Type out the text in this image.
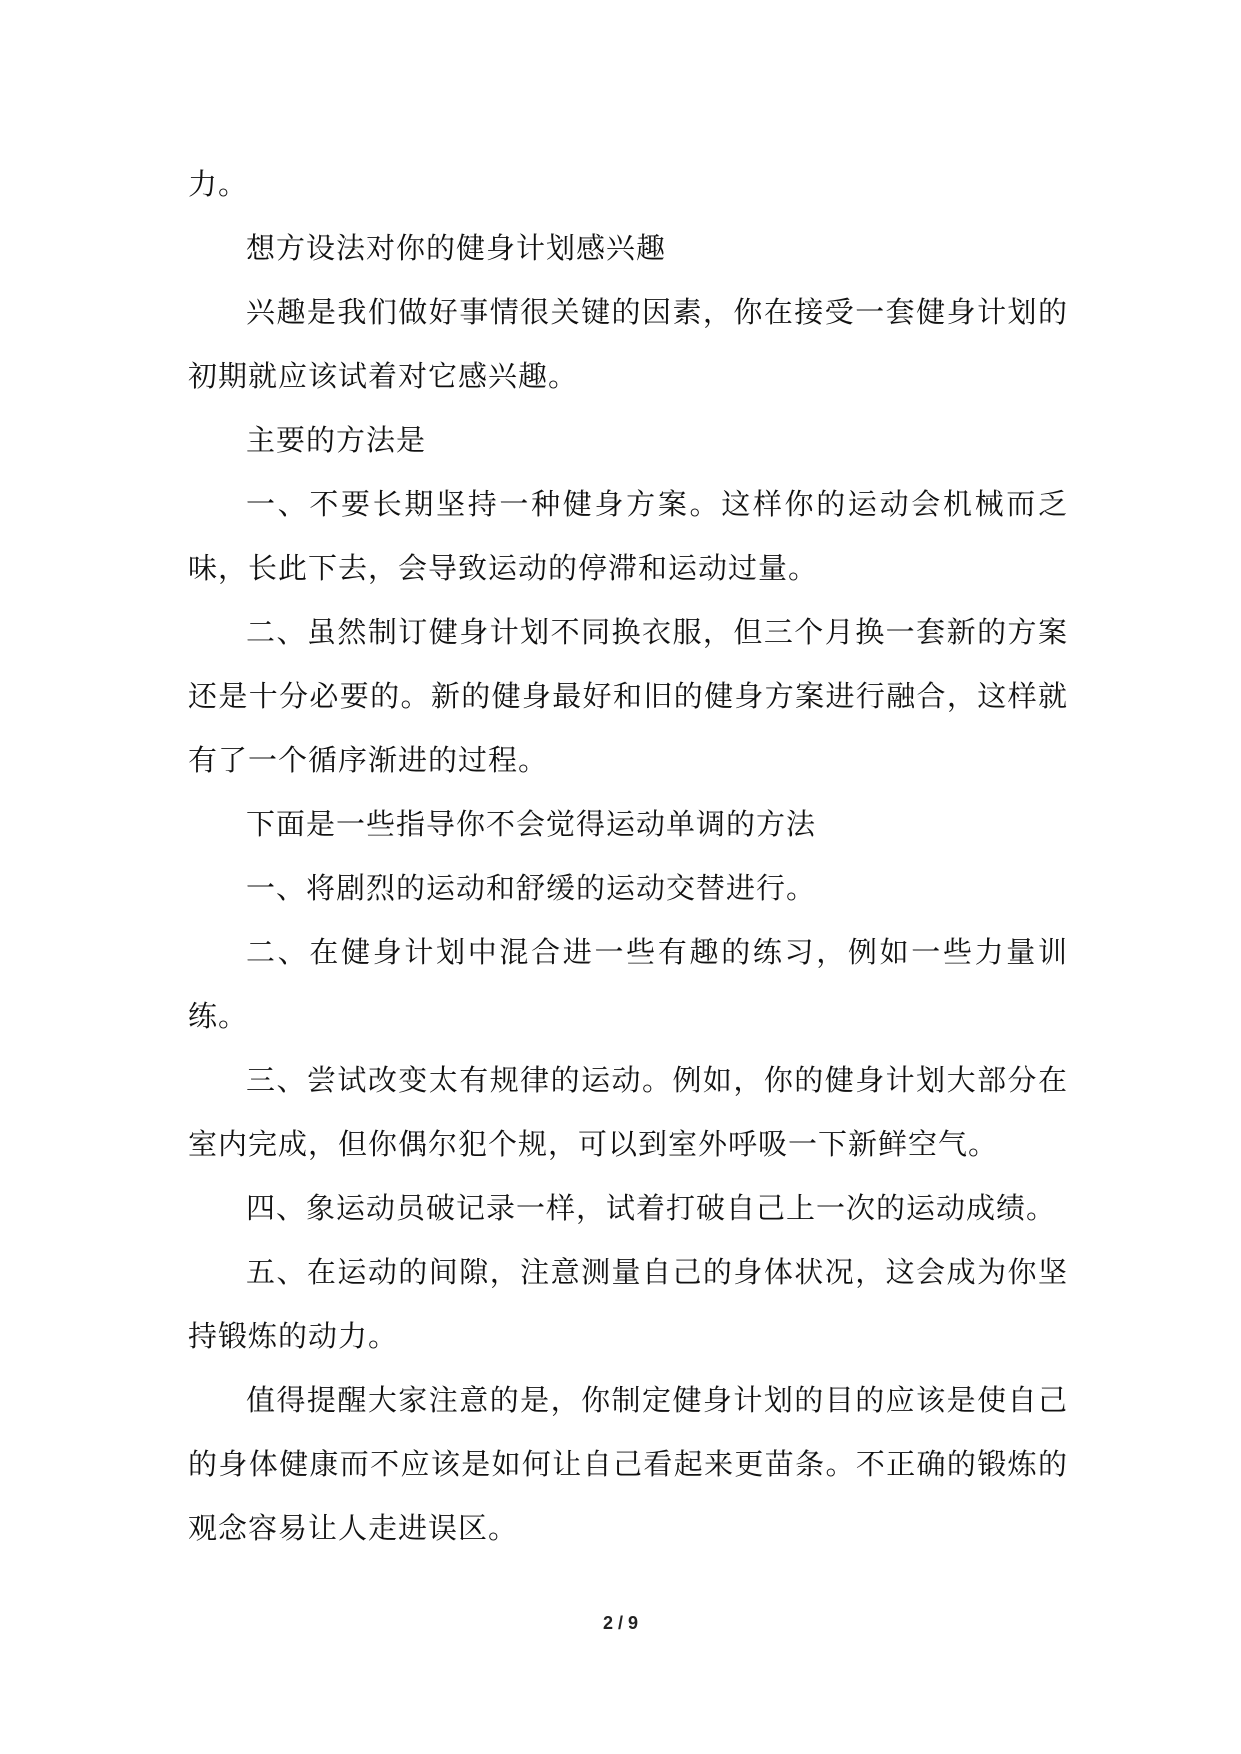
力。

想方设法对你的健身计划感兴趣

兴趣是我们做好事情很关键的因素，你在接受一套健身计划的初期就应该试着对它感兴趣。

主要的方法是

一、不要长期坚持一种健身方案。这样你的运动会机械而乏味，长此下去，会导致运动的停滞和运动过量。

二、虽然制订健身计划不同换衣服，但三个月换一套新的方案还是十分必要的。新的健身最好和旧的健身方案进行融合，这样就有了一个循序渐进的过程。

下面是一些指导你不会觉得运动单调的方法

一、将剧烈的运动和舒缓的运动交替进行。

二、在健身计划中混合进一些有趣的练习，例如一些力量训练。

三、尝试改变太有规律的运动。例如，你的健身计划大部分在室内完成，但你偶尔犯个规，可以到室外呼吸一下新鲜空气。

四、象运动员破记录一样，试着打破自己上一次的运动成绩。

五、在运动的间隙，注意测量自己的身体状况，这会成为你坚持锻炼的动力。

值得提醒大家注意的是，你制定健身计划的目的应该是使自己的身体健康而不应该是如何让自己看起来更苗条。不正确的锻炼的观念容易让人走进误区。

2 / 9
